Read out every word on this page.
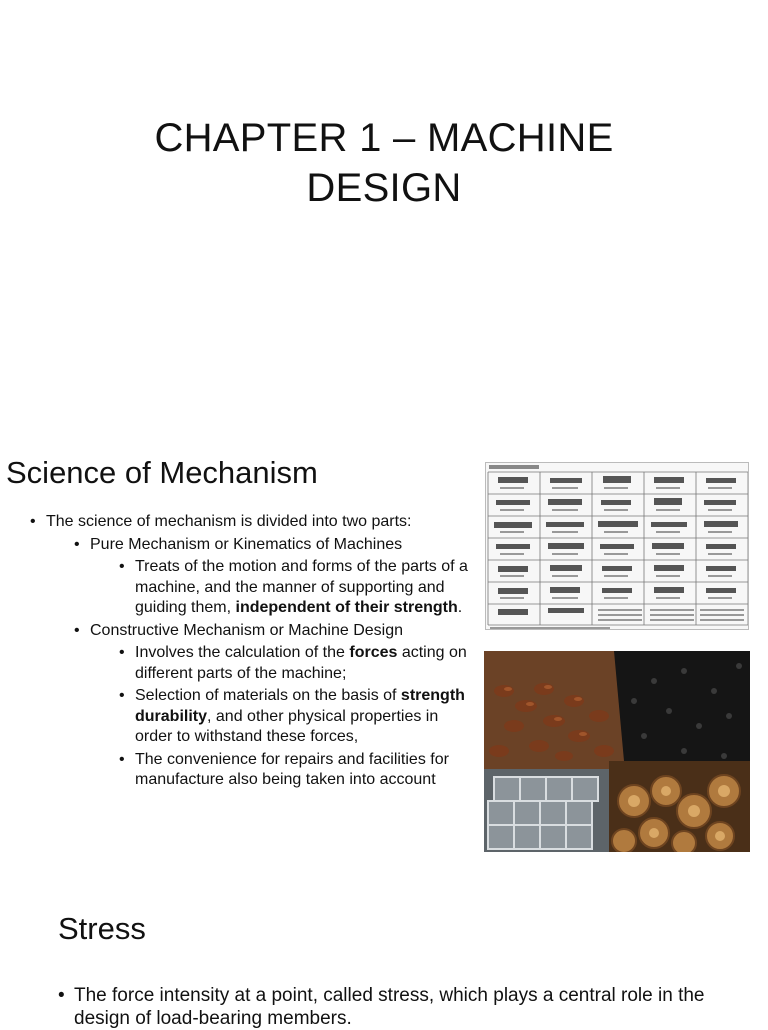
CHAPTER 1 – MACHINE
DESIGN
Science of Mechanism
• The science of mechanism is divided into two parts:
• Pure Mechanism or Kinematics of Machines
• Treats of the motion and forms of the parts of a machine, and the manner of supporting and guiding them, independent of their strength.
• Constructive Mechanism or Machine Design
• Involves the calculation of the forces acting on different parts of the machine;
• Selection of materials on the basis of strength durability, and other physical properties in order to withstand these forces,
• The convenience for repairs and facilities for manufacture also being taken into account
Stress
• The force intensity at a point, called stress, which plays a central role in the design of load-bearing members.
